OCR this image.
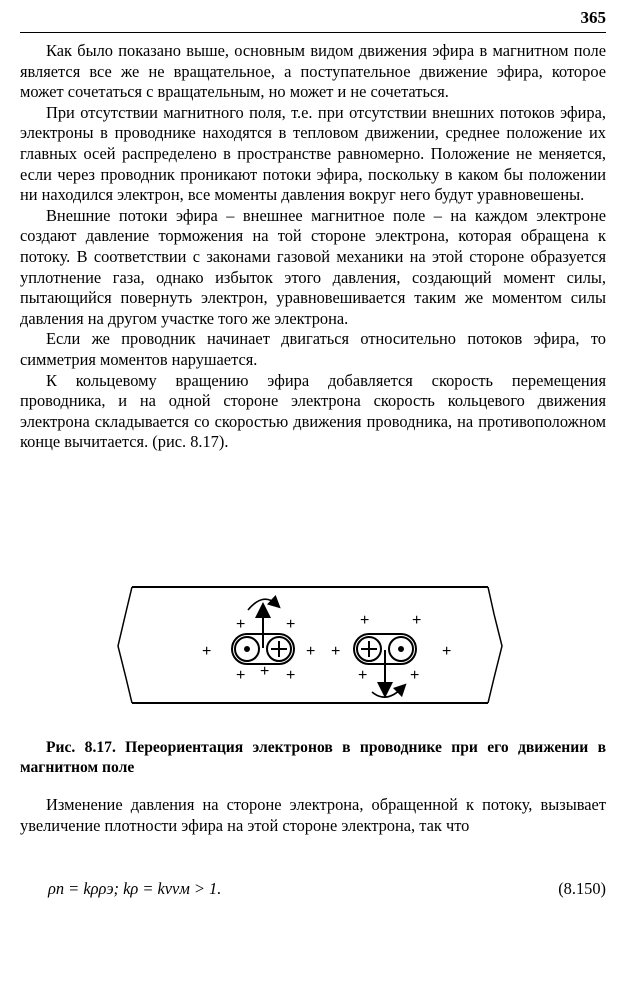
365

Как было показано выше, основным видом движения эфира в магнитном поле является все же не вращательное, а поступательное движение эфира, которое может сочетаться с вращательным, но может и не сочетаться.

При отсутствии магнитного поля, т.е. при отсутствии внешних потоков эфира, электроны в проводнике находятся в тепловом движении, среднее положение их главных осей распределено в пространстве равномерно. Положение не меняется, если через проводник проникают потоки эфира, поскольку в каком бы положении ни находился электрон, все моменты давления вокруг него будут уравновешены.

Внешние потоки эфира – внешнее магнитное поле – на каждом электроне создают давление торможения на той стороне электрона, которая обращена к потоку. В соответствии с законами газовой механики на этой стороне образуется уплотнение газа, однако избыток этого давления, создающий момент силы, пытающийся повернуть электрон, уравновешивается таким же моментом силы давления на другом участке того же электрона.

Если же проводник начинает двигаться относительно потоков эфира, то симметрия моментов нарушается.

К кольцевому вращению эфира добавляется скорость перемещения проводника, и на одной стороне электрона скорость кольцевого движения электрона складывается со скоростью движения проводника, на противоположном конце вычитается. (рис. 8.17).

+	+
+	+ +
+ + +
+	+
+
+	+
Рис. 8.17. Переориентация электронов в проводнике при его движении в магнитном поле

Изменение давления на стороне электрона, обращенной к потоку, вызывает увеличение плотности эфира на этой стороне электрона, так что

ρп = kρρэ; kρ = kvvм > 1.	(8.150)
